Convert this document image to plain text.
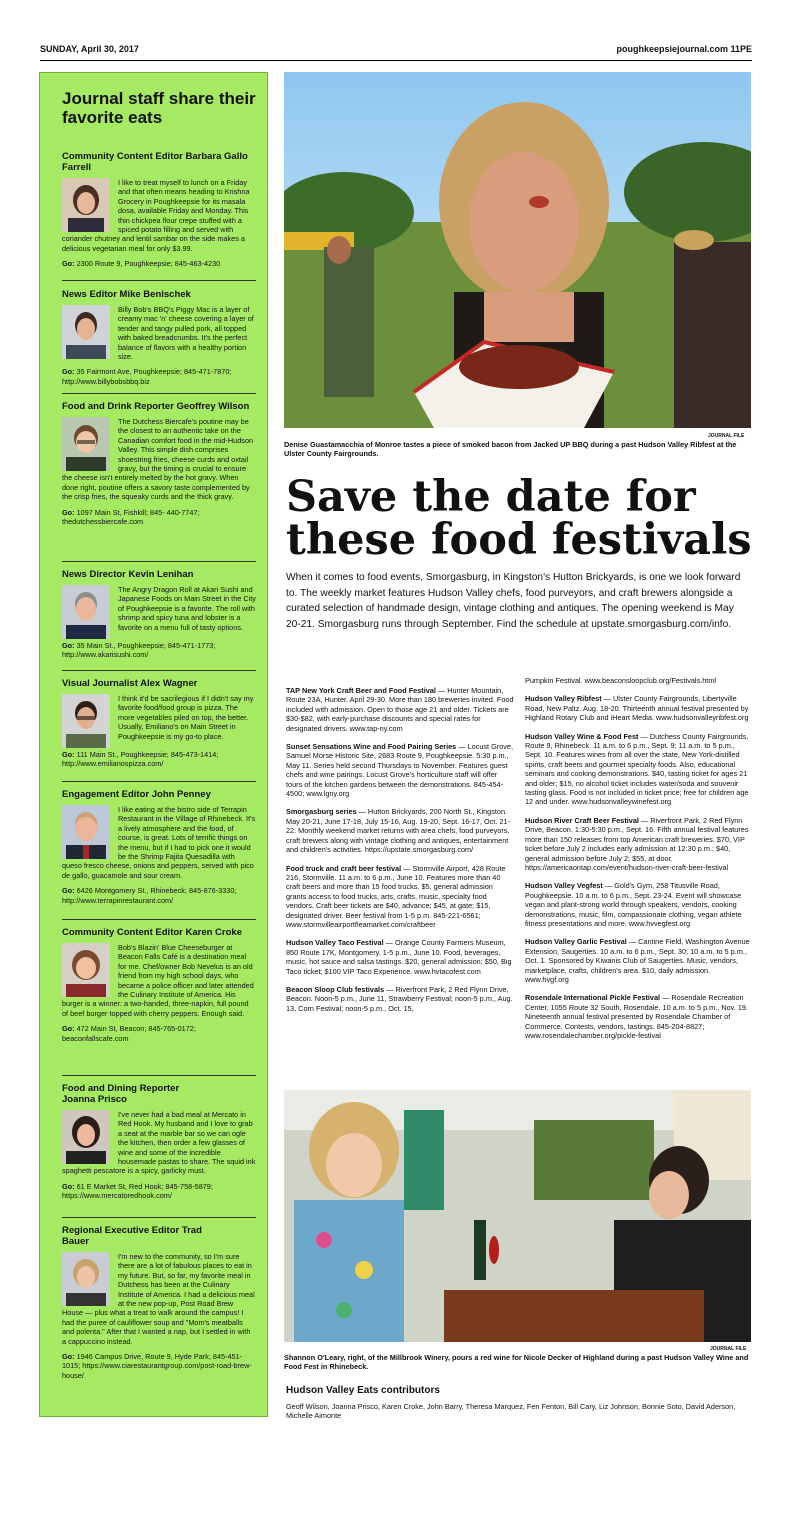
SUNDAY, April 30, 2017	poughkeepsiejournal.com 11PE
Journal staff share their favorite eats
Community Content Editor Barbara Gallo Farrell

I like to treat myself to lunch on a Friday and that often means heading to Krishna Grocery in Poughkeepsie for its masala dosa, available Friday and Monday. This thin chickpea flour crepe stuffed with a spiced potato filling and served with coriander chutney and lentil sambar on the side makes a delicious vegetarian meal for only $3.99.

Go: 2300 Route 9, Poughkeepsie; 845-463-4230
News Editor Mike Benischek

Billy Bob's BBQ's Piggy Mac is a layer of creamy mac 'n' cheese covering a layer of tender and tangy pulled pork, all topped with baked breadcrumbs. It's the perfect balance of flavors with a healthy portion size.

Go: 35 Fairmont Ave, Poughkeepsie; 845-471-7870; http://www.billybobsbbq.biz
Food and Drink Reporter Geoffrey Wilson

The Dutchess Biercafe's poutine may be the closest to an authentic take on the Canadian comfort food in the mid-Hudson Valley. This simple dish comprises shoestring fries, cheese curds and oxtail gravy, but the timing is crucial to ensure the cheese isn't entirely melted by the hot gravy. When done right, poutine offers a savory taste complemented by the crisp fries, the squeaky curds and the thick gravy.

Go: 1097 Main St, Fishkill; 845- 440-7747; thedutchessbiercafe.com
News Director Kevin Lenihan

The Angry Dragon Roll at Akari Sushi and Japanese Foods on Main Street in the City of Poughkeepsie is a favorite. The roll with shrimp and spicy tuna and lobster is a favorite on a menu full of tasty options.

Go: 35 Main St., Poughkeepsie; 845-471-1773; http://www.akarisushi.com/
Visual Journalist Alex Wagner

I think it'd be sacrilegious if I didn't say my favorite food/food group is pizza. The more vegetables piled on top, the better. Usually, Emiliano's on Main Street in Poughkeepsie is my go-to place.

Go: 111 Main St., Poughkeepsie; 845-473-1414; http://www.emilianospizza.com/
Engagement Editor John Penney

I like eating at the bistro side of Terrapin Restaurant in the Village of Rhinebeck. It's a lively atmosphere and the food, of course, is great. Lots of terrific things on the menu, but if I had to pick one it would be the Shrimp Fajita Quesadilla with queso fresco cheese, onions and peppers, served with pico de gallo, guacamole and sour cream.

Go: 6426 Montgomery St., Rhinebeck; 845-876-3330; http://www.terrapinrestaurant.com/
Community Content Editor Karen Croke

Bob's Blazin' Blue Cheeseburger at Beacon Falls Café is a destination meal for me. Chef/owner Bob Nevelus is an old friend from my high school days, who became a police officer and later attended the Culinary Institute of America. His burger is a winner: a two-handed, three-napkin, full pound of beef burger topped with cherry peppers. Enough said.

Go: 472 Main St, Beacon; 845-765-0172; beaconfallscafe.com
Food and Dining Reporter Joanna Prisco

I've never had a bad meal at Mercato in Red Hook. My husband and I love to grab a seat at the marble bar so we can ogle the kitchen, then order a few glasses of wine and some of the incredible housemade pastas to share. The squid ink spaghetti pescatore is a spicy, garlicky must.

Go: 61 E Market St, Red Hook; 845-758-5879; https://www.mercatoredhook.com/
Regional Executive Editor Trad Bauer

I'm new to the community, so I'm sure there are a lot of fabulous places to eat in my future. But, so far, my favorite meal in Dutchess has been at the Culinary Institute of America. I had a delicious meal at the new pop-up, Post Road Brew House — plus what a treat to walk around the campus! I had the puree of cauliflower soup and "Mom's meatballs and polenta." After that I wanted a nap, but I settled in with a cappuccino instead.

Go: 1946 Campus Drive, Route 9, Hyde Park; 845-451-1015; https://www.ciarestaurantgroup.com/post-road-brew-house/
JOURNAL FILE
Denise Guastamacchia of Monroe tastes a piece of smoked bacon from Jacked UP BBQ during a past Hudson Valley Ribfest at the Ulster County Fairgrounds.
Save the date for these food festivals

When it comes to food events, Smorgasburg, in Kingston's Hutton Brickyards, is one we look forward to. The weekly market features Hudson Valley chefs, food purveyors, and craft brewers alongside a curated selection of handmade design, vintage clothing and antiques. The opening weekend is May 20-21. Smorgasburg runs through September. Find the schedule at upstate.smorgasburg.com/info.

TAP New York Craft Beer and Food Festival — Hunter Mountain, Route 23A, Hunter. April 29-30. More than 180 breweries invited. Food included with admission. Open to those age 21 and older. Tickets are $30-$82, with early-purchase discounts and special rates for designated drivers. www.tap-ny.com

Sunset Sensations Wine and Food Pairing Series — Locust Grove, Samuel Morse Historic Site, 2683 Route 9, Poughkeepsie. 5:30 p.m., May 11. Series held second Thursdays to November. Features guest chefs and wine pairings. Locust Grove's horticulture staff will offer tours of the kitchen gardens between the demonstrations. 845-454-4500; www.lgny.org

Smorgasburg series — Hutton Brickyards, 200 North St., Kingston. May 20-21, June 17-18, July 15-16, Aug. 19-20, Sept. 16-17, Oct. 21-22. Monthly weekend market returns with area chefs, food purveyors, craft brewers along with vintage clothing and antiques, entertainment and children's activities. https://upstate.smorgasburg.com/

Food truck and craft beer festival — Stormville Airport, 428 Route 216, Stormville. 11 a.m. to 6 p.m., June 10. Features more than 40 craft beers and more than 15 food trucks. $5, general admission grants access to food trucks, arts, crafts, music, specialty food vendors. Craft beer tickets are $40, advance; $45, at gate; $15, designated driver. Beer festival from 1-5 p.m. 845-221-6561; www.stormvilleairportfleamarket.com/craftbeer

Hudson Valley Taco Festival — Orange County Farmers Museum, 850 Route 17K, Montgomery. 1-5 p.m., June 10. Food, beverages, music, hot sauce and salsa tastings. $20, general admission; $50, Big Taco ticket; $100 VIP Taco Experience. www.hvtacofest.com

Beacon Sloop Club festivals — Riverfront Park, 2 Red Flynn Drive, Beacon. Noon-5 p.m., June 11, Strawberry Festival; noon-5 p.m., Aug. 13, Corn Festival; noon-5 p.m., Oct. 15,

Pumpkin Festival. www.beaconsloopclub.org/Festivals.html

Hudson Valley Ribfest — Ulster County Fairgrounds, Libertyville Road, New Paltz. Aug. 18-20. Thirteenth annual festival presented by Highland Rotary Club and iHeart Media. www.hudsonvalleyribfest.org

Hudson Valley Wine & Food Fest — Dutchess County Fairgrounds, Route 9, Rhinebeck. 11 a.m. to 6 p.m., Sept. 9; 11 a.m. to 5 p.m., Sept. 10. Features wines from all over the state, New York-distilled spirits, craft beers and gourmet specialty foods. Also, educational seminars and cooking demonstrations. $40, tasting ticket for ages 21 and older; $15, no alcohol ticket includes water/soda and souvenir tasting glass. Food is not included in ticket price; free for children age 12 and under. www.hudsonvalleywinefest.org

Hudson River Craft Beer Festival — Riverfront Park, 2 Red Flynn Drive, Beacon. 1:30-5:30 p.m., Sept. 16. Fifth annual festival features more than 150 releases from top American craft breweries. $70, VIP ticket before July 2 includes early admission at 12:30 p.m.; $40, general admission before July 2; $55, at door. https://americaontap.com/event/hudson-river-craft-beer-festival

Hudson Valley Vegfest — Gold's Gym, 258 Titusville Road, Poughkeepsie. 10 a.m. to 6 p.m., Sept. 23-24. Event will showcase vegan and plant-strong world through speakers, vendors, cooking demonstrations, music, film, compassionate clothing, vegan athlete fitness presentations and more. www.hvvegfest.org

Hudson Valley Garlic Festival — Cantine Field, Washington Avenue Extension, Saugerties. 10 a.m. to 6 p.m., Sept. 30; 10 a.m. to 5 p.m., Oct. 1. Sponsored by Kiwanis Club of Saugerties. Music, vendors, marketplace, crafts, children's area. $10, daily admission. www.hvgf.org

Rosendale International Pickle Festival — Rosendale Recreation Center, 1055 Route 32 South, Rosendale. 10 a.m. to 5 p.m., Nov. 19. Nineteenth annual festival presented by Rosendale Chamber of Commerce. Contests, vendors, tastings. 845-204-8827; www.rosendalechamber.org/pickle-festival

JOURNAL FILE
Shannon O'Leary, right, of the Millbrook Winery, pours a red wine for Nicole Decker of Highland during a past Hudson Valley Wine and Food Fest in Rhinebeck.
Hudson Valley Eats contributors

Geoff Wilson, Joanna Prisco, Karen Croke, John Barry, Theresa Marquez, Fen Fenton, Bill Cary, Liz Johnson, Bonnie Soto, David Aderson, Michelle Aimonte
